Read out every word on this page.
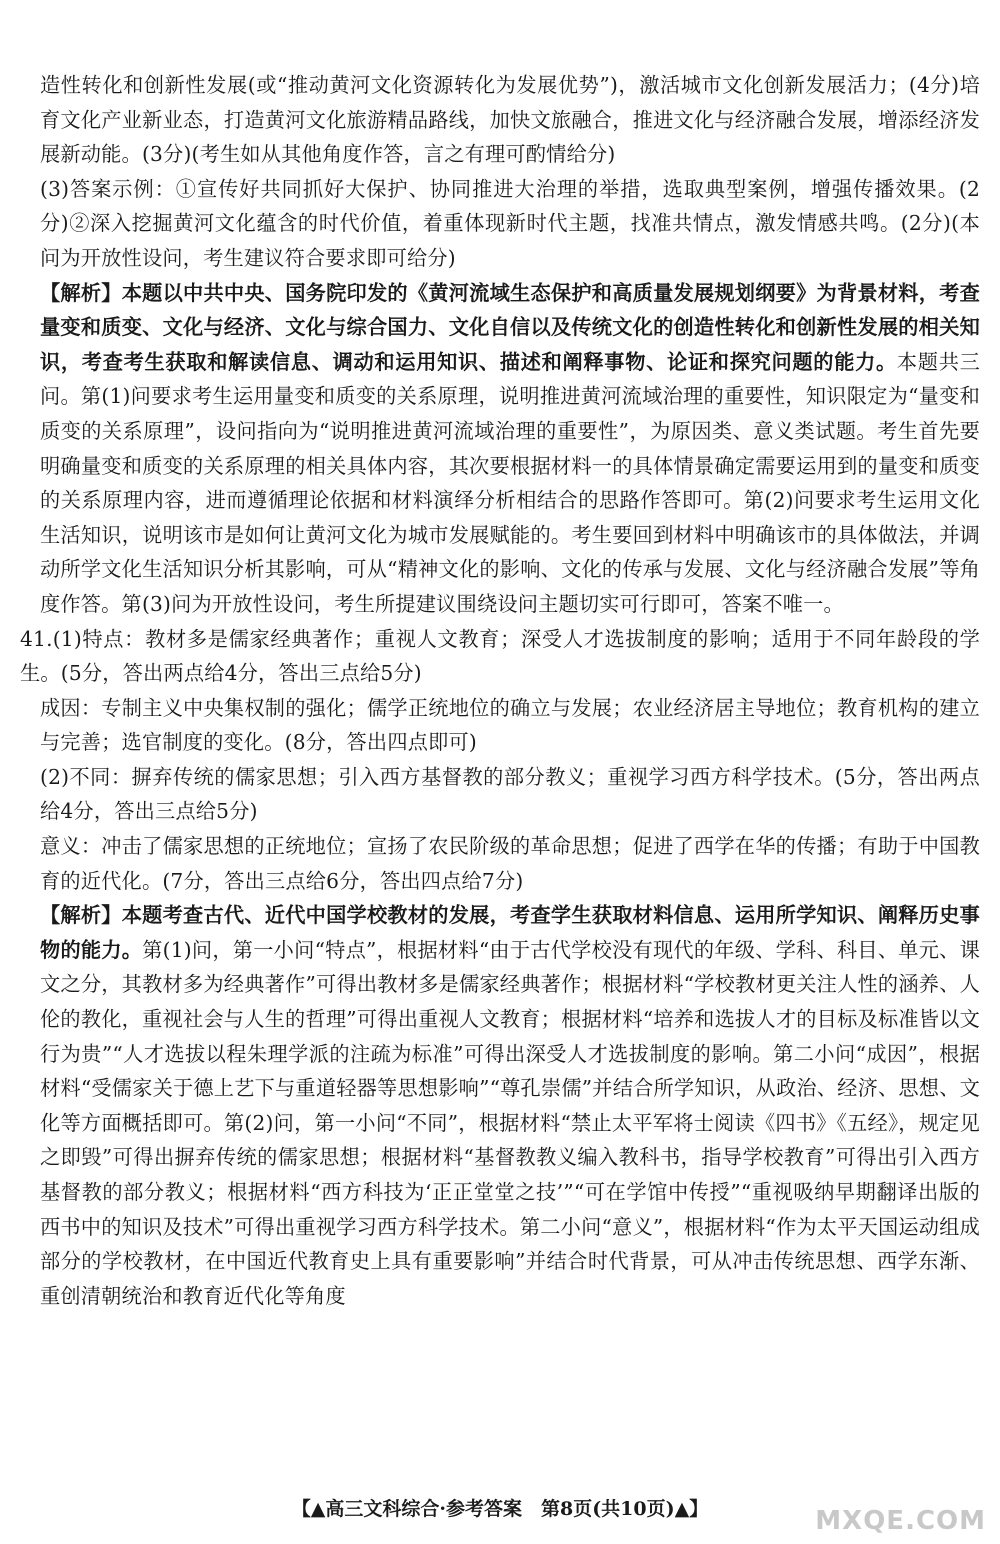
造性转化和创新性发展(或“推动黄河文化资源转化为发展优势”)，激活城市文化创新发展活力；(4分)培育文化产业新业态，打造黄河文化旅游精品路线，加快文旅融合，推进文化与经济融合发展，增添经济发展新动能。(3分)(考生如从其他角度作答，言之有理可酌情给分)

(3)答案示例：①宣传好共同抓好大保护、协同推进大治理的举措，选取典型案例，增强传播效果。(2分)②深入挖掘黄河文化蕴含的时代价值，着重体现新时代主题，找准共情点，激发情感共鸣。(2分)(本问为开放性设问，考生建议符合要求即可给分)

【解析】本题以中共中央、国务院印发的《黄河流域生态保护和高质量发展规划纲要》为背景材料，考查量变和质变、文化与经济、文化与综合国力、文化自信以及传统文化的创造性转化和创新性发展的相关知识，考查考生获取和解读信息、调动和运用知识、描述和阐释事物、论证和探究问题的能力。本题共三问。第(1)问要求考生运用量变和质变的关系原理，说明推进黄河流域治理的重要性，知识限定为“量变和质变的关系原理”，设问指向为“说明推进黄河流域治理的重要性”，为原因类、意义类试题。考生首先要明确量变和质变的关系原理的相关具体内容，其次要根据材料一的具体情景确定需要运用到的量变和质变的关系原理内容，进而遵循理论依据和材料演绎分析相结合的思路作答即可。第(2)问要求考生运用文化生活知识，说明该市是如何让黄河文化为城市发展赋能的。考生要回到材料中明确该市的具体做法，并调动所学文化生活知识分析其影响，可从“精神文化的影响、文化的传承与发展、文化与经济融合发展”等角度作答。第(3)问为开放性设问，考生所提建议围绕设问主题切实可行即可，答案不唯一。

41.(1)特点：教材多是儒家经典著作；重视人文教育；深受人才选拔制度的影响；适用于不同年龄段的学生。(5分，答出两点给4分，答出三点给5分)

成因：专制主义中央集权制的强化；儒学正统地位的确立与发展；农业经济居主导地位；教育机构的建立与完善；选官制度的变化。(8分，答出四点即可)

(2)不同：摒弃传统的儒家思想；引入西方基督教的部分教义；重视学习西方科学技术。(5分，答出两点给4分，答出三点给5分)

意义：冲击了儒家思想的正统地位；宣扬了农民阶级的革命思想；促进了西学在华的传播；有助于中国教育的近代化。(7分，答出三点给6分，答出四点给7分)

【解析】本题考查古代、近代中国学校教材的发展，考查学生获取材料信息、运用所学知识、阐释历史事物的能力。第(1)问，第一小问“特点”，根据材料“由于古代学校没有现代的年级、学科、科目、单元、课文之分，其教材多为经典著作”可得出教材多是儒家经典著作；根据材料“学校教材更关注人性的涵养、人伦的教化，重视社会与人生的哲理”可得出重视人文教育；根据材料“培养和选拔人才的目标及标准皆以文行为贵”“人才选拔以程朱理学派的注疏为标准”可得出深受人才选拔制度的影响。第二小问“成因”，根据材料“受儒家关于德上艺下与重道轻器等思想影响”“尊孔崇儒”并结合所学知识，从政治、经济、思想、文化等方面概括即可。第(2)问，第一小问“不同”，根据材料“禁止太平军将士阅读《四书》《五经》，规定见之即毁”可得出摒弃传统的儒家思想；根据材料“基督教教义编入教科书，指导学校教育”可得出引入西方基督教的部分教义；根据材料“西方科技为‘正正堂堂之技’”“可在学馆中传授”“重视吸纳早期翻译出版的西书中的知识及技术”可得出重视学习西方科学技术。第二小问“意义”，根据材料“作为太平天国运动组成部分的学校教材，在中国近代教育史上具有重要影响”并结合时代背景，可从冲击传统思想、西学东渐、重创清朝统治和教育近代化等角度

【▲高三文科综合·参考答案　第8页(共10页)▲】	MXQE.COM
